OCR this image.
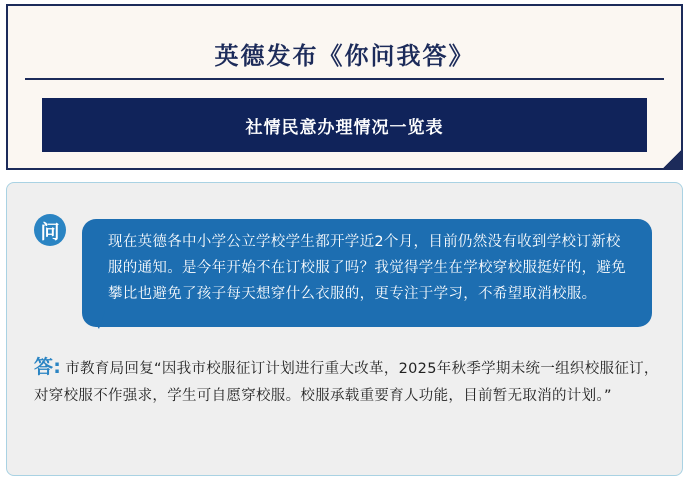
英德发布《你问我答》
社情民意办理情况一览表
问	现在英德各中小学公立学校学生都开学近2个月，目前仍然没有收到学校订新校服的通知。是今年开始不在订校服了吗？我觉得学生在学校穿校服挺好的，避免攀比也避免了孩子每天想穿什么衣服的，更专注于学习，不希望取消校服。
答: 市教育局回复“因我市校服征订计划进行重大改革，2025年秋季学期未统一组织校服征订，对穿校服不作强求，学生可自愿穿校服。校服承载重要育人功能，目前暂无取消的计划。”
